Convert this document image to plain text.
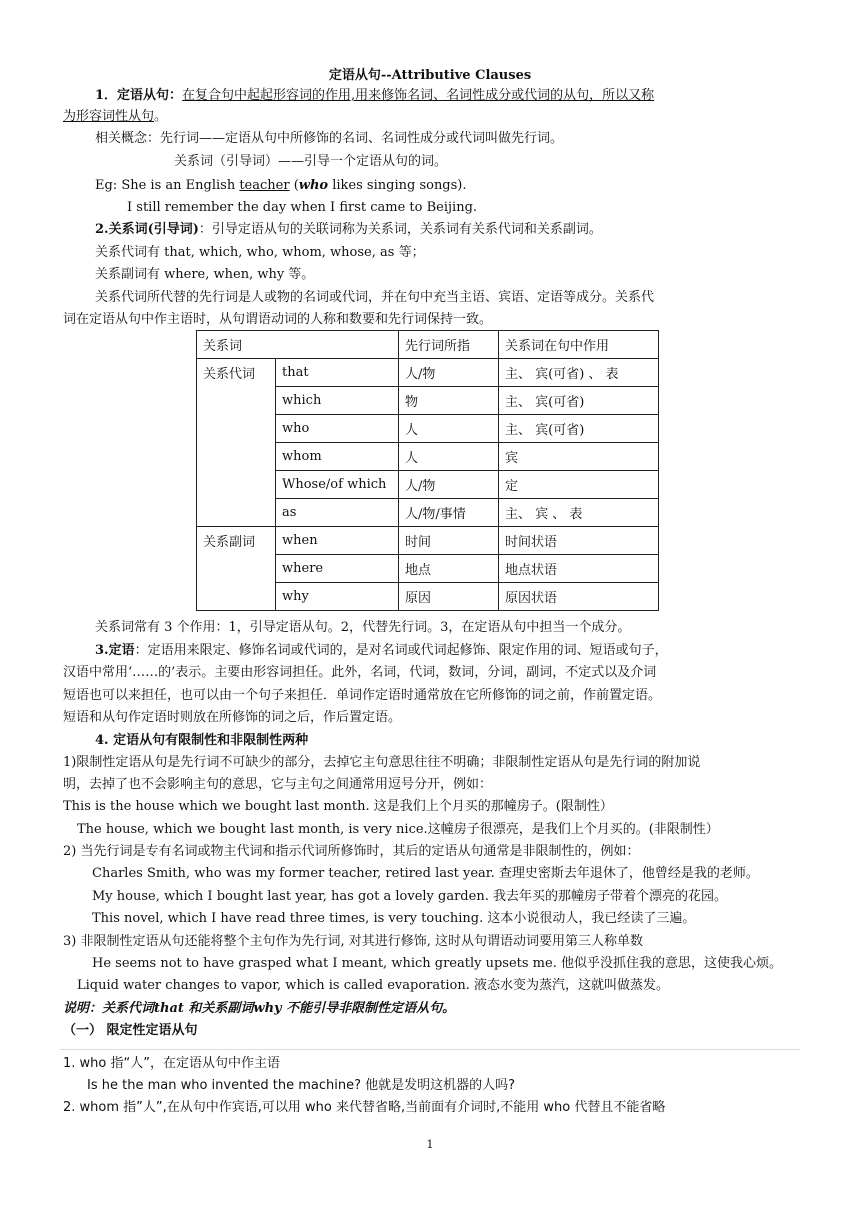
定语从句--Attributive Clauses
1．定语从句：在复合句中起起形容词的作用,用来修饰名词、名词性成分或代词的从句，所以又称
为形容词性从句。
相关概念：先行词——定语从句中所修饰的名词、名词性成分或代词叫做先行词。
关系词（引导词）——引导一个定语从句的词。
Eg: She is an English teacher (who likes singing songs).
I still remember the day when I first came to Beijing.
2.关系词(引导词)：引导定语从句的关联词称为关系词，关系词有关系代词和关系副词。
关系代词有 that, which, who, whom, whose, as 等；
关系副词有 where, when, why 等。
关系代词所代替的先行词是人或物的名词或代词，并在句中充当主语、宾语、定语等成分。关系代
词在定语从句中作主语时，从句谓语动词的人称和数要和先行词保持一致。
关系词		先行词所指	关系词在句中作用
关系代词	that	人/物	主、 宾(可省) 、 表
	which	物	主、 宾(可省)
	who	人	主、 宾(可省)
	whom	人	宾
	Whose/of which	人/物	定
	as	人/物/事情	主、 宾 、 表
关系副词	when	时间	时间状语
	where	地点	地点状语
	why	原因	原因状语
关系词常有 3 个作用：1，引导定语从句。2，代替先行词。3，在定语从句中担当一个成分。
3.定语：定语用来限定、修饰名词或代词的，是对名词或代词起修饰、限定作用的词、短语或句子，
汉语中常用‘……的’表示。主要由形容词担任。此外，名词，代词，数词，分词，副词，不定式以及介词
短语也可以来担任，也可以由一个句子来担任．单词作定语时通常放在它所修饰的词之前，作前置定语。
短语和从句作定语时则放在所修饰的词之后，作后置定语。
4. 定语从句有限制性和非限制性两种
1)限制性定语从句是先行词不可缺少的部分，去掉它主句意思往往不明确；非限制性定语从句是先行词的附加说
明，去掉了也不会影响主句的意思，它与主句之间通常用逗号分开，例如：
This is the house which we bought last month. 这是我们上个月买的那幢房子。(限制性）
The house, which we bought last month, is very nice.这幢房子很漂亮，是我们上个月买的。(非限制性）
2) 当先行词是专有名词或物主代词和指示代词所修饰时，其后的定语从句通常是非限制性的，例如：
Charles Smith, who was my former teacher, retired last year. 查理史密斯去年退休了，他曾经是我的老师。
My house, which I bought last year, has got a lovely garden. 我去年买的那幢房子带着个漂亮的花园。
This novel, which I have read three times, is very touching. 这本小说很动人，我已经读了三遍。
3) 非限制性定语从句还能将整个主句作为先行词, 对其进行修饰, 这时从句谓语动词要用第三人称单数
He seems not to have grasped what I meant, which greatly upsets me. 他似乎没抓住我的意思，这使我心烦。
Liquid water changes to vapor, which is called evaporation. 液态水变为蒸汽，这就叫做蒸发。
说明：关系代词that 和关系副词why 不能引导非限制性定语从句。
（一） 限定性定语从句
1. who 指“人”，在定语从句中作主语
Is he the man who invented the machine? 他就是发明这机器的人吗?
2. whom 指”人”,在从句中作宾语,可以用 who 来代替省略,当前面有介词时,不能用 who 代替且不能省略
1
